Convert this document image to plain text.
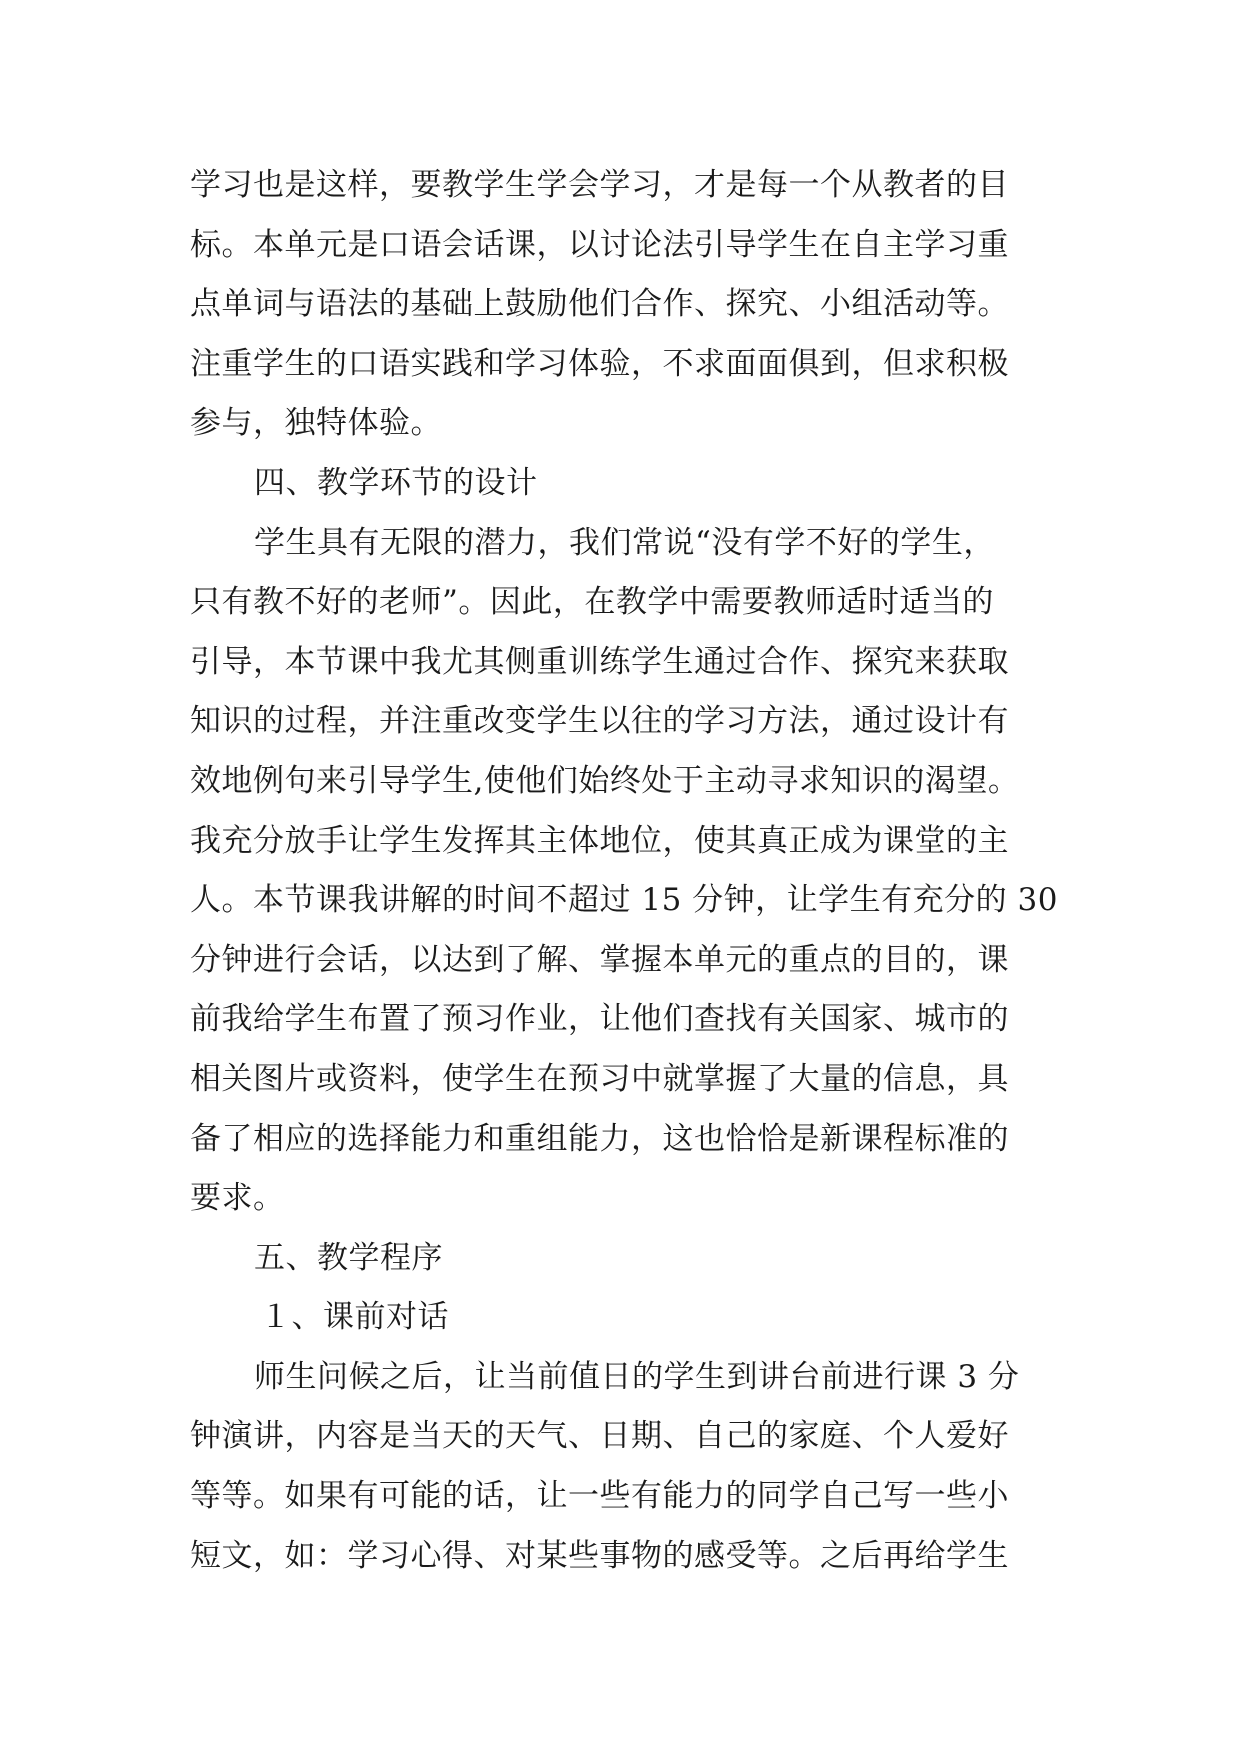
学习也是这样，要教学生学会学习，才是每一个从教者的目
标。本单元是口语会话课，以讨论法引导学生在自主学习重
点单词与语法的基础上鼓励他们合作、探究、小组活动等。
注重学生的口语实践和学习体验，不求面面俱到，但求积极
参与，独特体验。
四、教学环节的设计
学生具有无限的潜力，我们常说“没有学不好的学生，
只有教不好的老师”。因此，在教学中需要教师适时适当的
引导，本节课中我尤其侧重训练学生通过合作、探究来获取
知识的过程，并注重改变学生以往的学习方法，通过设计有
效地例句来引导学生,使他们始终处于主动寻求知识的渴望。
我充分放手让学生发挥其主体地位，使其真正成为课堂的主
人。本节课我讲解的时间不超过 15 分钟，让学生有充分的 30
分钟进行会话，以达到了解、掌握本单元的重点的目的，课
前我给学生布置了预习作业，让他们查找有关国家、城市的
相关图片或资料，使学生在预习中就掌握了大量的信息，具
备了相应的选择能力和重组能力，这也恰恰是新课程标准的
要求。
五、教学程序
１、课前对话
师生问候之后，让当前值日的学生到讲台前进行课 3 分
钟演讲，内容是当天的天气、日期、自己的家庭、个人爱好
等等。如果有可能的话，让一些有能力的同学自己写一些小
短文，如：学习心得、对某些事物的感受等。之后再给学生
